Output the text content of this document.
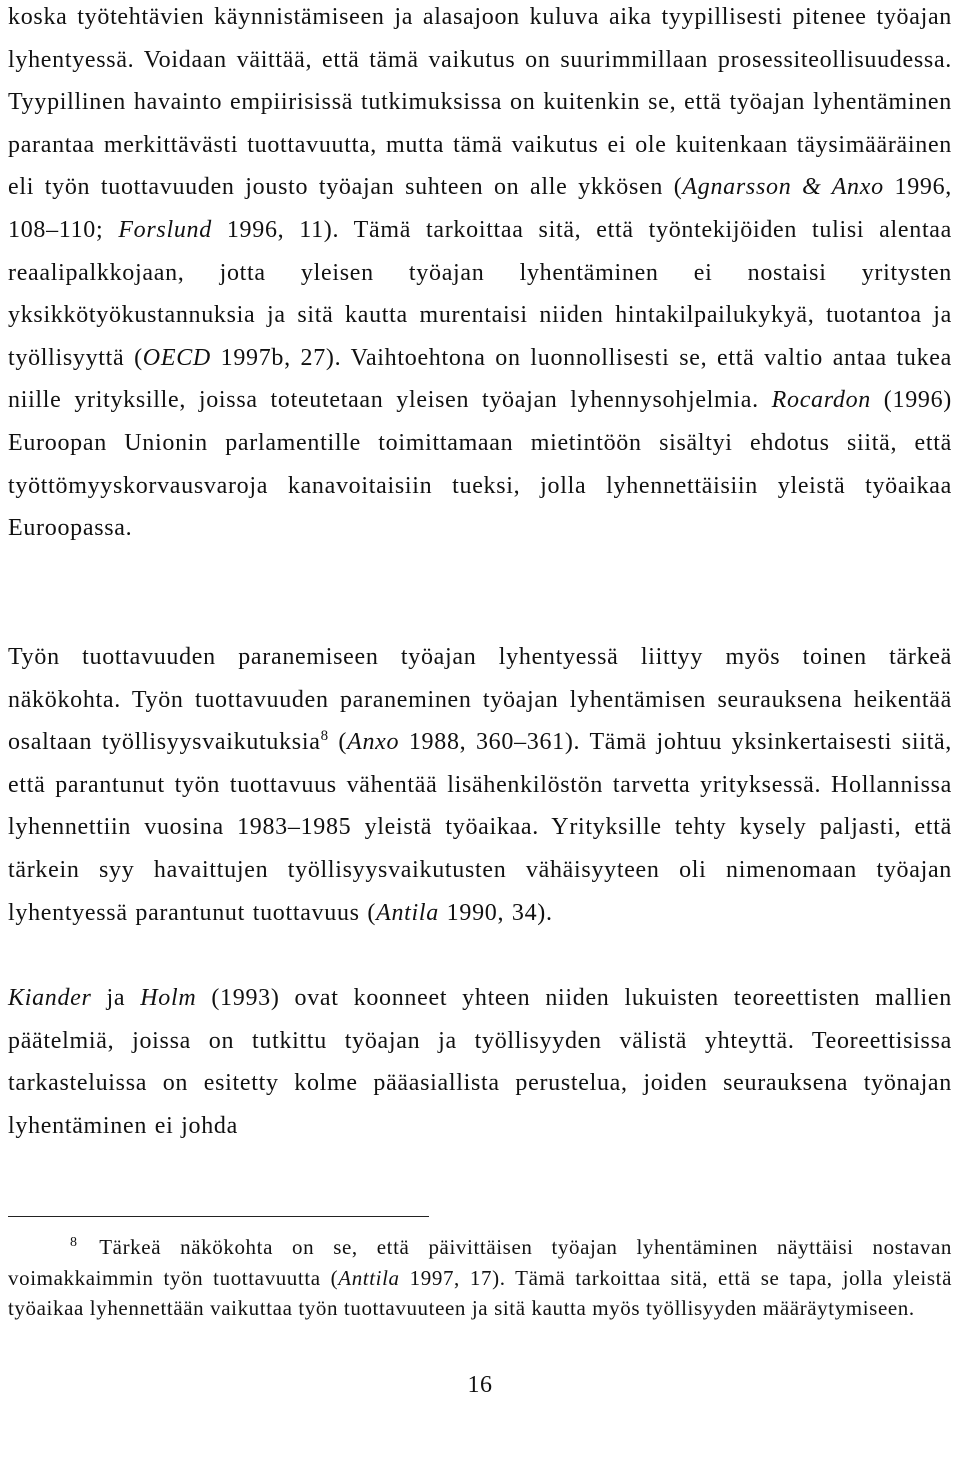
koska työtehtävien käynnistämiseen ja alasajoon kuluva aika tyypillisesti pitenee työajan lyhentyessä. Voidaan väittää, että tämä vaikutus on suurimmillaan prosessiteollisuudessa. Tyypillinen havainto empiirisissä tutkimuksissa on kuitenkin se, että työajan lyhentäminen parantaa merkittävästi tuottavuutta, mutta tämä vaikutus ei ole kuitenkaan täysimääräinen eli työn tuottavuuden jousto työajan suhteen on alle ykkösen (Agnarsson & Anxo 1996, 108–110; Forslund 1996, 11). Tämä tarkoittaa sitä, että työntekijöiden tulisi alentaa reaalipalkkojaan, jotta yleisen työajan lyhentäminen ei nostaisi yritysten yksikkötyökustannuksia ja sitä kautta murentaisi niiden hintakilpailukykyä, tuotantoa ja työllisyyttä (OECD 1997b, 27). Vaihtoehtona on luonnollisesti se, että valtio antaa tukea niille yrityksille, joissa toteutetaan yleisen työajan lyhennysohjelmia. Rocardon (1996) Euroopan Unionin parlamentille toimittamaan mietintöön sisältyi ehdotus siitä, että työttömyyskorvausvaroja kanavoitaisiin tueksi, jolla lyhennettäisiin yleistä työaikaa Euroopassa.

Työn tuottavuuden paranemiseen työajan lyhentyessä liittyy myös toinen tärkeä näkökohta. Työn tuottavuuden paraneminen työajan lyhentämisen seurauksena heikentää osaltaan työllisyysvaikutuksia$^8$ (Anxo 1988, 360–361). Tämä johtuu yksinkertaisesti siitä, että parantunut työn tuottavuus vähentää lisähenkilöstön tarvetta yrityksessä. Hollannissa lyhennettiin vuosina 1983–1985 yleistä työaikaa. Yrityksille tehty kysely paljasti, että tärkein syy havaittujen työllisyysvaikutusten vähäisyyteen oli nimenomaan työajan lyhentyessä parantunut tuottavuus (Antila 1990, 34).

Kiander ja Holm (1993) ovat koonneet yhteen niiden lukuisten teoreettisten mallien päätelmiä, joissa on tutkittu työajan ja työllisyyden välistä yhteyttä. Teoreettisissa tarkasteluissa on esitetty kolme pääasiallista perustelua, joiden seurauksena työnajan lyhentäminen ei johda

$^8$ Tärkeä näkökohta on se, että päivittäisen työajan lyhentäminen näyttäisi nostavan voimakkaimmin työn tuottavuutta (Anttila 1997, 17). Tämä tarkoittaa sitä, että se tapa, jolla yleistä työaikaa lyhennettään vaikuttaa työn tuottavuuteen ja sitä kautta myös työllisyyden määräytymiseen.

16
